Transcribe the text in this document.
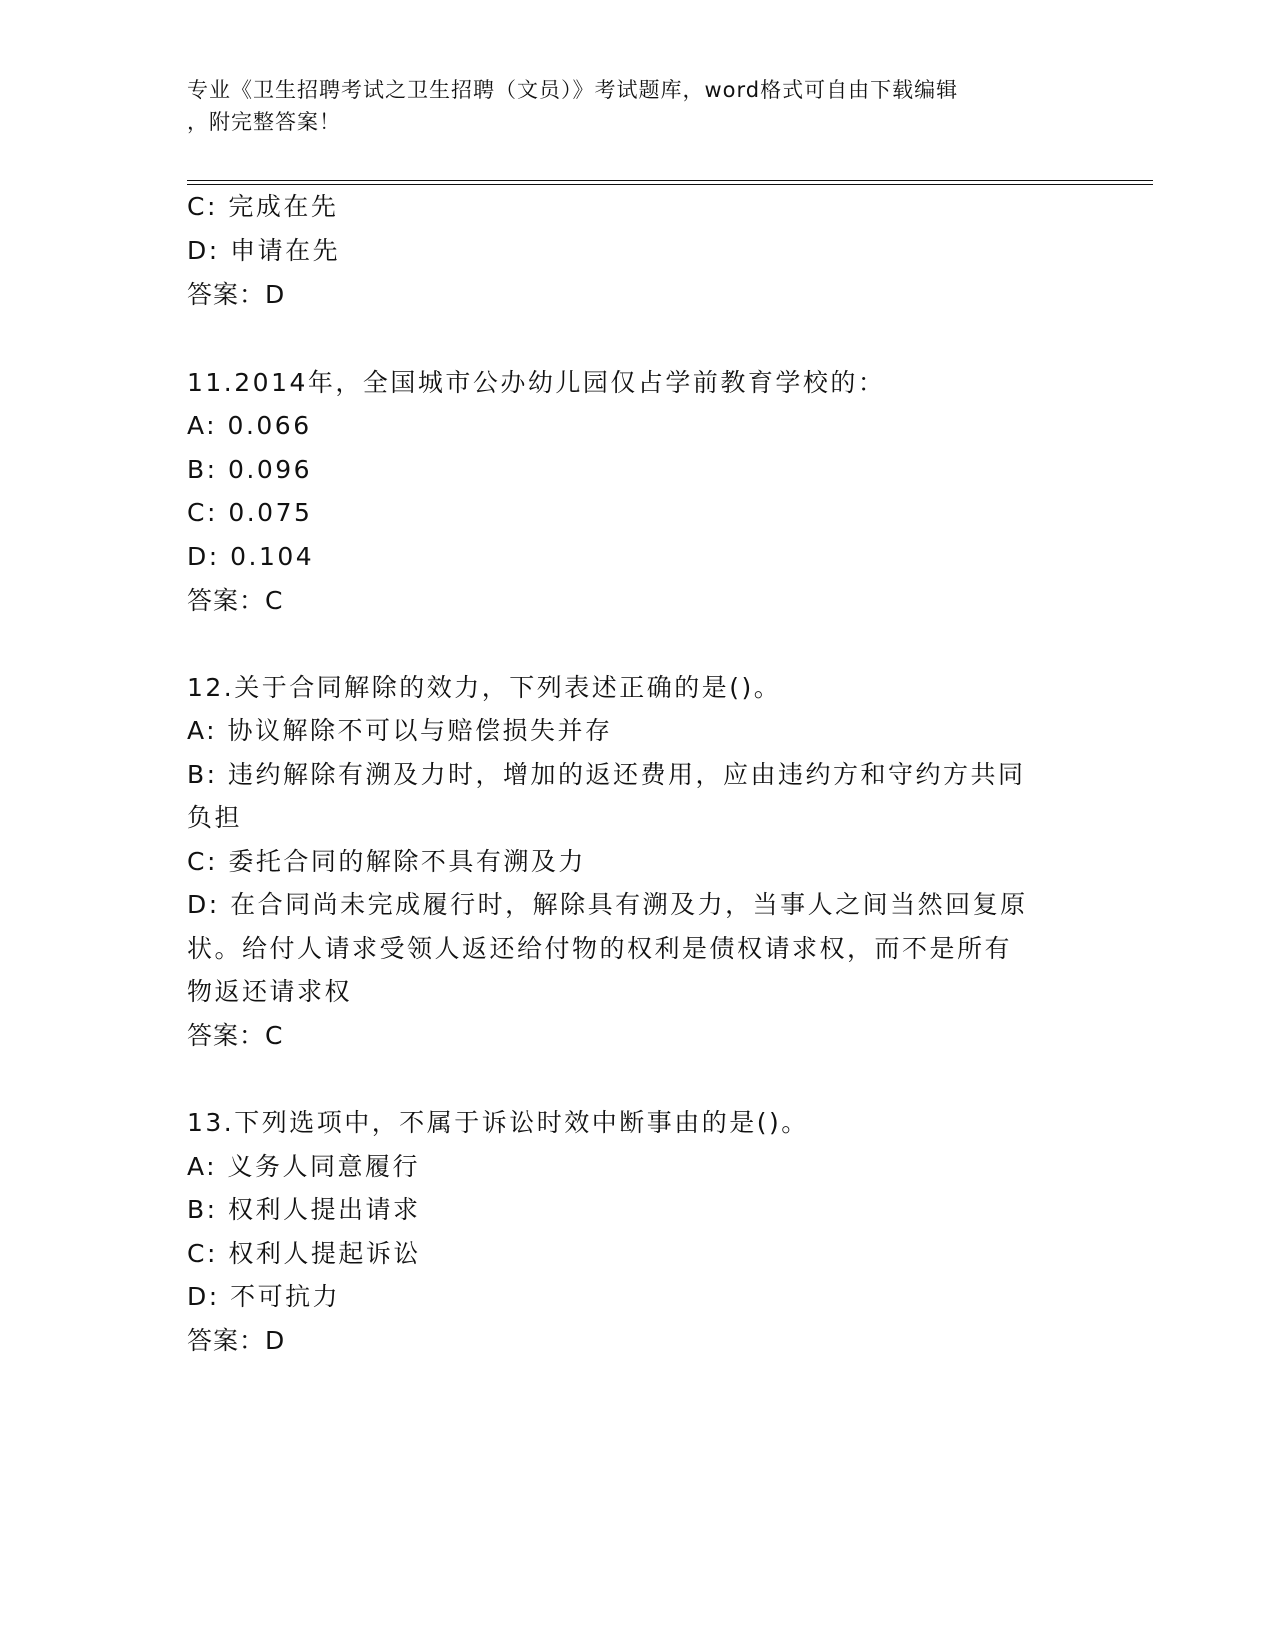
专业《卫生招聘考试之卫生招聘（文员）》考试题库，word格式可自由下载编辑
，附完整答案！
C: 完成在先
D: 申请在先
答案：D
11.2014年，全国城市公办幼儿园仅占学前教育学校的：
A: 0.066
B: 0.096
C: 0.075
D: 0.104
答案：C
12.关于合同解除的效力，下列表述正确的是()。
A: 协议解除不可以与赔偿损失并存
B: 违约解除有溯及力时，增加的返还费用，应由违约方和守约方共同
负担
C: 委托合同的解除不具有溯及力
D: 在合同尚未完成履行时，解除具有溯及力，当事人之间当然回复原
状。给付人请求受领人返还给付物的权利是债权请求权，而不是所有
物返还请求权
答案：C
13.下列选项中，不属于诉讼时效中断事由的是()。
A: 义务人同意履行
B: 权利人提出请求
C: 权利人提起诉讼
D: 不可抗力
答案：D
